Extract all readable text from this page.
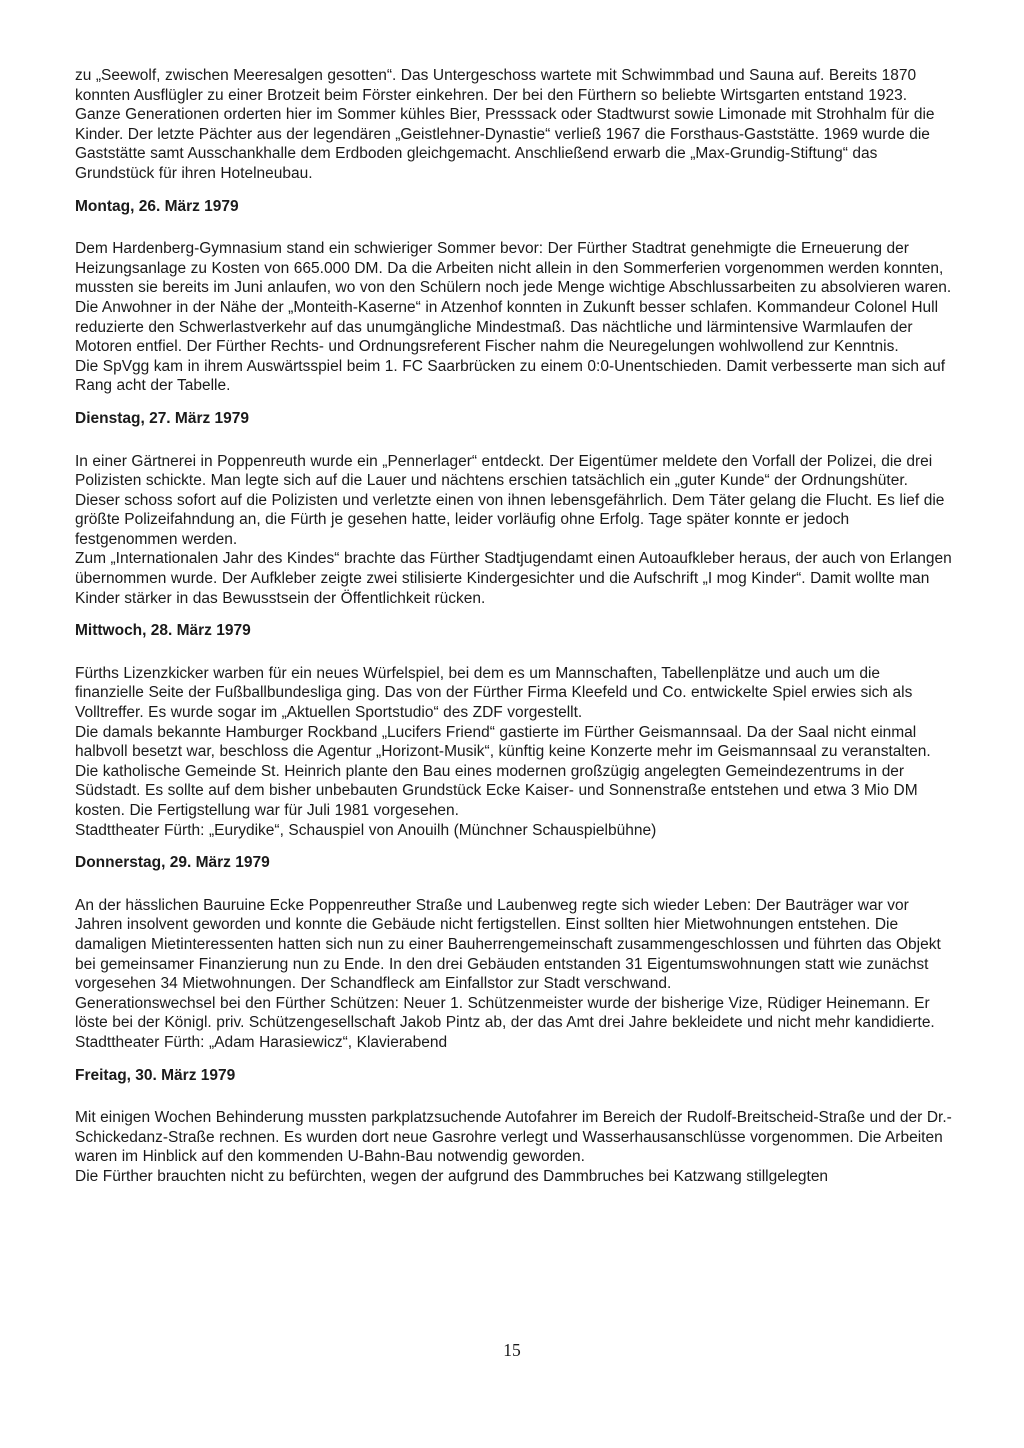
zu „Seewolf, zwischen Meeresalgen gesotten“. Das Untergeschoss wartete mit Schwimmbad und Sauna auf. Bereits 1870 konnten Ausflügler zu einer Brotzeit beim Förster einkehren. Der bei den Fürthern so beliebte Wirtsgarten entstand 1923. Ganze Generationen orderten hier im Sommer kühles Bier, Presssack oder Stadtwurst sowie Limonade mit Strohhalm für die Kinder. Der letzte Pächter aus der legendären „Geistlehner-Dynastie“ verließ 1967 die Forsthaus-Gaststätte. 1969 wurde die Gaststätte samt Ausschankhalle dem Erdboden gleichgemacht. Anschließend erwarb die „Max-Grundig-Stiftung“ das Grundstück für ihren Hotelneubau.

Montag, 26. März 1979

Dem Hardenberg-Gymnasium stand ein schwieriger Sommer bevor: Der Fürther Stadtrat genehmigte die Erneuerung der Heizungsanlage zu Kosten von 665.000 DM. Da die Arbeiten nicht allein in den Sommerferien vorgenommen werden konnten, mussten sie bereits im Juni anlaufen, wo von den Schülern noch jede Menge wichtige Abschlussarbeiten zu absolvieren waren.

Die Anwohner in der Nähe der „Monteith-Kaserne“ in Atzenhof konnten in Zukunft besser schlafen. Kommandeur Colonel Hull reduzierte den Schwerlastverkehr auf das unumgängliche Mindestmaß. Das nächtliche und lärmintensive Warmlaufen der Motoren entfiel. Der Fürther Rechts- und Ordnungsreferent Fischer nahm die Neuregelungen wohlwollend zur Kenntnis.

Die SpVgg kam in ihrem Auswärtsspiel beim 1. FC Saarbrücken zu einem 0:0-Unentschieden. Damit verbesserte man sich auf Rang acht der Tabelle.

Dienstag, 27. März 1979

In einer Gärtnerei in Poppenreuth wurde ein „Pennerlager“ entdeckt. Der Eigentümer meldete den Vorfall der Polizei, die drei Polizisten schickte. Man legte sich auf die Lauer und nächtens erschien tatsächlich ein „guter Kunde“ der Ordnungshüter. Dieser schoss sofort auf die Polizisten und verletzte einen von ihnen lebensgefährlich. Dem Täter gelang die Flucht. Es lief die größte Polizeifahndung an, die Fürth je gesehen hatte, leider vorläufig ohne Erfolg. Tage später konnte er jedoch festgenommen werden.

Zum „Internationalen Jahr des Kindes“ brachte das Fürther Stadtjugendamt einen Autoaufkleber heraus, der auch von Erlangen übernommen wurde. Der Aufkleber zeigte zwei stilisierte Kindergesichter und die Aufschrift „I mog Kinder“. Damit wollte man Kinder stärker in das Bewusstsein der Öffentlichkeit rücken.

Mittwoch, 28. März 1979

Fürths Lizenzkicker warben für ein neues Würfelspiel, bei dem es um Mannschaften, Tabellenplätze und auch um die finanzielle Seite der Fußballbundesliga ging. Das von der Fürther Firma Kleefeld und Co. entwickelte Spiel erwies sich als Volltreffer. Es wurde sogar im „Aktuellen Sportstudio“ des ZDF vorgestellt.

Die damals bekannte Hamburger Rockband „Lucifers Friend“ gastierte im Fürther Geismannsaal. Da der Saal nicht einmal halbvoll besetzt war, beschloss die Agentur „Horizont-Musik“, künftig keine Konzerte mehr im Geismannsaal zu veranstalten.

Die katholische Gemeinde St. Heinrich plante den Bau eines modernen großzügig angelegten Gemeindezentrums in der Südstadt. Es sollte auf dem bisher unbebauten Grundstück Ecke Kaiser- und Sonnenstraße entstehen und etwa 3 Mio DM kosten. Die Fertigstellung war für Juli 1981 vorgesehen.

Stadttheater Fürth: „Eurydike“, Schauspiel von Anouilh (Münchner Schauspielbühne)

Donnerstag, 29. März 1979

An der hässlichen Bauruine Ecke Poppenreuther Straße und Laubenweg regte sich wieder Leben: Der Bauträger war vor Jahren insolvent geworden und konnte die Gebäude nicht fertigstellen. Einst sollten hier Mietwohnungen entstehen. Die damaligen Mietinteressenten hatten sich nun zu einer Bauherrengemeinschaft zusammengeschlossen und führten das Objekt bei gemeinsamer Finanzierung nun zu Ende. In den drei Gebäuden entstanden 31 Eigentumswohnungen statt wie zunächst vorgesehen 34 Mietwohnungen. Der Schandfleck am Einfallstor zur Stadt verschwand.

Generationswechsel bei den Fürther Schützen: Neuer 1. Schützenmeister wurde der bisherige Vize, Rüdiger Heinemann. Er löste bei der Königl. priv. Schützengesellschaft Jakob Pintz ab, der das Amt drei Jahre bekleidete und nicht mehr kandidierte.

Stadttheater Fürth: „Adam Harasiewicz“, Klavierabend

Freitag, 30. März 1979

Mit einigen Wochen Behinderung mussten parkplatzsuchende Autofahrer im Bereich der Rudolf-Breitscheid-Straße und der Dr.-Schickedanz-Straße rechnen. Es wurden dort neue Gasrohre verlegt und Wasserhausanschlüsse vorgenommen. Die Arbeiten waren im Hinblick auf den kommenden U-Bahn-Bau notwendig geworden.

Die Fürther brauchten nicht zu befürchten, wegen der aufgrund des Dammbruches bei Katzwang stillgelegten

15
